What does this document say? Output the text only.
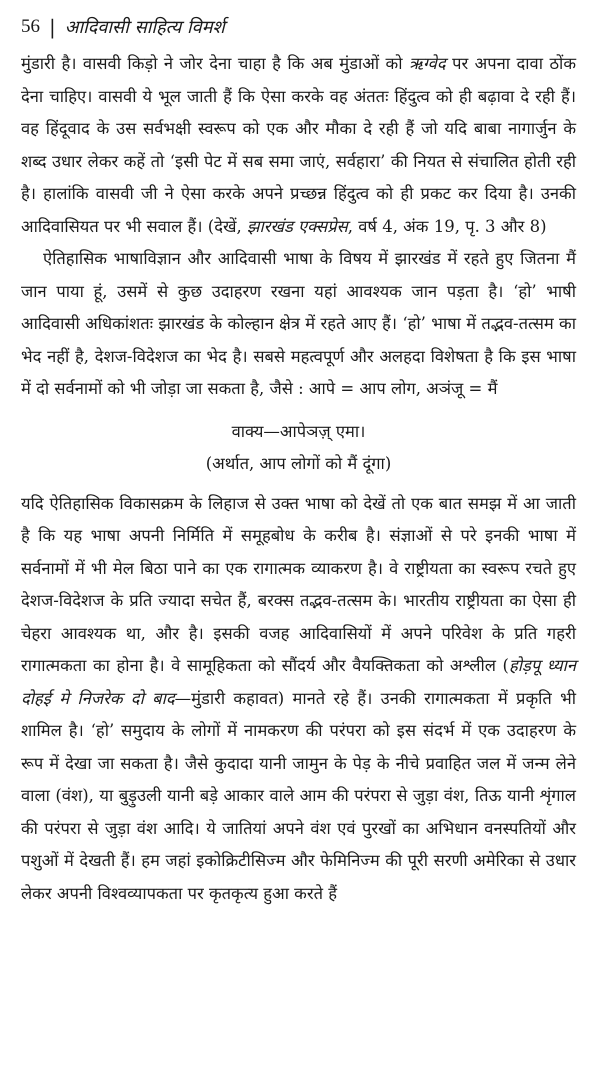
56 | आदिवासी साहित्य विमर्श

मुंडारी है। वासवी किड़ो ने जोर देना चाहा है कि अब मुंडाओं को ऋग्वेद पर अपना दावा ठोंक देना चाहिए। वासवी ये भूल जाती हैं कि ऐसा करके वह अंततः हिंदुत्व को ही बढ़ावा दे रही हैं। वह हिंदूवाद के उस सर्वभक्षी स्वरूप को एक और मौका दे रही हैं जो यदि बाबा नागार्जुन के शब्द उधार लेकर कहें तो ‘इसी पेट में सब समा जाएं, सर्वहारा’ की नियत से संचालित होती रही है। हालांकि वासवी जी ने ऐसा करके अपने प्रच्छन्न हिंदुत्व को ही प्रकट कर दिया है। उनकी आदिवासियत पर भी सवाल हैं। (देखें, झारखंड एक्सप्रेस, वर्ष 4, अंक 19, पृ. 3 और 8)

ऐतिहासिक भाषाविज्ञान और आदिवासी भाषा के विषय में झारखंड में रहते हुए जितना मैं जान पाया हूं, उसमें से कुछ उदाहरण रखना यहां आवश्यक जान पड़ता है। ‘हो’ भाषी आदिवासी अधिकांशतः झारखंड के कोल्हान क्षेत्र में रहते आए हैं। ‘हो’ भाषा में तद्भव-तत्सम का भेद नहीं है, देशज-विदेशज का भेद है। सबसे महत्वपूर्ण और अलहदा विशेषता है कि इस भाषा में दो सर्वनामों को भी जोड़ा जा सकता है, जैसे : आपे = आप लोग, अञंजू = मैं

वाक्य—आपेञज़् एमा।
(अर्थात, आप लोगों को मैं दूंगा)

यदि ऐतिहासिक विकासक्रम के लिहाज से उक्त भाषा को देखें तो एक बात समझ में आ जाती है कि यह भाषा अपनी निर्मिति में समूहबोध के करीब है। संज्ञाओं से परे इनकी भाषा में सर्वनामों में भी मेल बिठा पाने का एक रागात्मक व्याकरण है। वे राष्ट्रीयता का स्वरूप रचते हुए देशज-विदेशज के प्रति ज्यादा सचेत हैं, बरक्स तद्भव-तत्सम के। भारतीय राष्ट्रीयता का ऐसा ही चेहरा आवश्यक था, और है। इसकी वजह आदिवासियों में अपने परिवेश के प्रति गहरी रागात्मकता का होना है। वे सामूहिकता को सौंदर्य और वैयक्तिकता को अश्लील (होड़पू ध्यान दोहई मे निजरेक दो बाद—मुंडारी कहावत) मानते रहे हैं। उनकी रागात्मकता में प्रकृति भी शामिल है। ‘हो’ समुदाय के लोगों में नामकरण की परंपरा को इस संदर्भ में एक उदाहरण के रूप में देखा जा सकता है। जैसे कुदादा यानी जामुन के पेड़ के नीचे प्रवाहित जल में जन्म लेने वाला (वंश), या बुड़ुउली यानी बड़े आकार वाले आम की परंपरा से जुड़ा वंश, तिऊ यानी शृंगाल की परंपरा से जुड़ा वंश आदि। ये जातियां अपने वंश एवं पुरखों का अभिधान वनस्पतियों और पशुओं में देखती हैं। हम जहां इकोक्रिटीसिज्म और फेमिनिज्म की पूरी सरणी अमेरिका से उधार लेकर अपनी विश्वव्यापकता पर कृतकृत्य हुआ करते हैं
